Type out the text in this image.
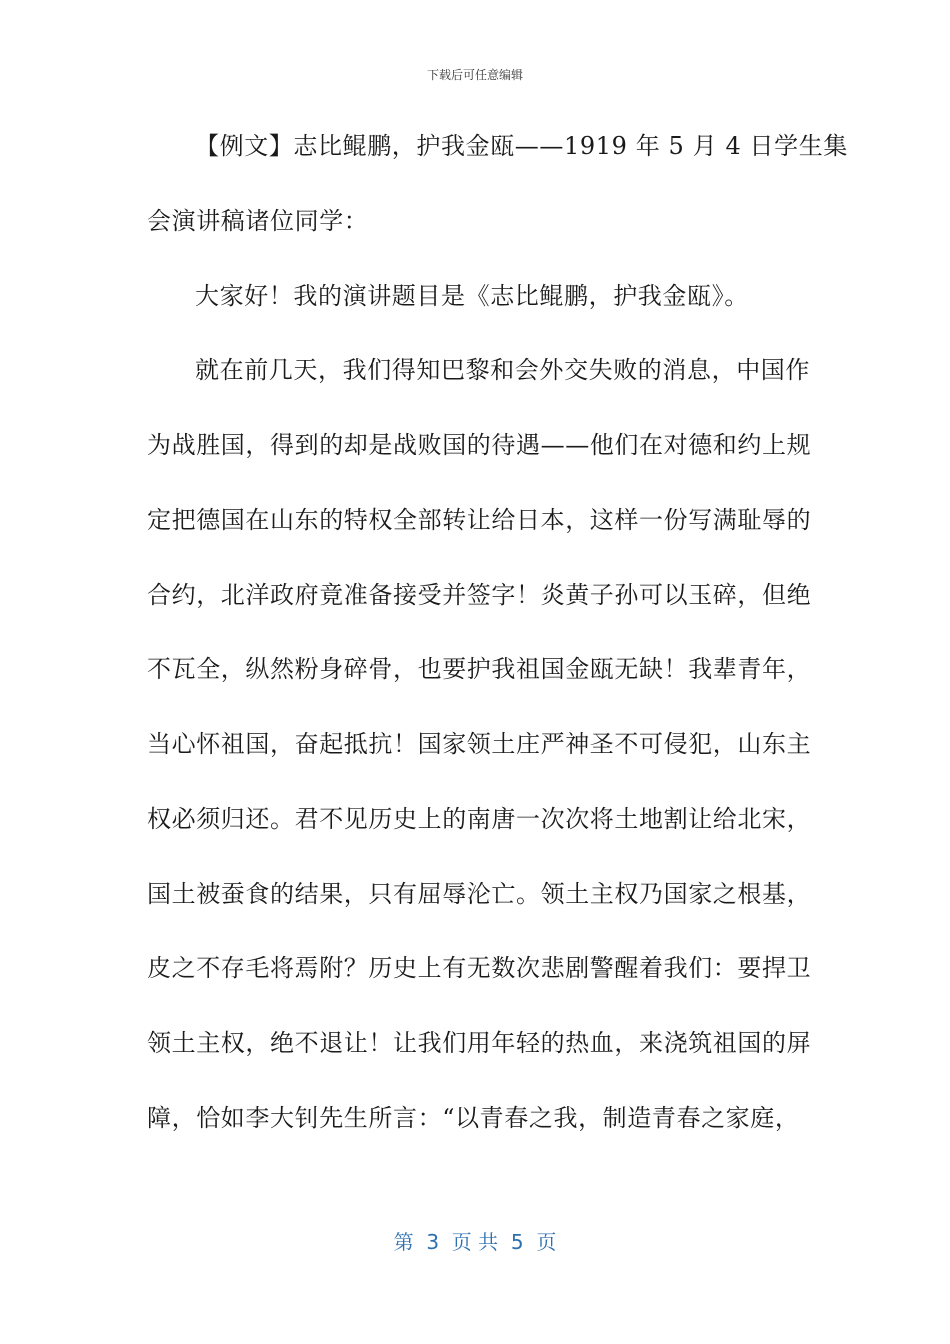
下载后可任意编辑
【例文】志比鲲鹏，护我金瓯——1919 年 5 月 4 日学生集
会演讲稿诸位同学：
大家好！我的演讲题目是《志比鲲鹏，护我金瓯》。
就在前几天，我们得知巴黎和会外交失败的消息，中国作
为战胜国，得到的却是战败国的待遇——他们在对德和约上规
定把德国在山东的特权全部转让给日本，这样一份写满耻辱的
合约，北洋政府竟准备接受并签字！炎黄子孙可以玉碎，但绝
不瓦全，纵然粉身碎骨，也要护我祖国金瓯无缺！我辈青年，
当心怀祖国，奋起抵抗！国家领土庄严神圣不可侵犯，山东主
权必须归还。君不见历史上的南唐一次次将土地割让给北宋，
国土被蚕食的结果，只有屈辱沦亡。领土主权乃国家之根基，
皮之不存毛将焉附？历史上有无数次悲剧警醒着我们：要捍卫
领土主权，绝不退让！让我们用年轻的热血，来浇筑祖国的屏
障，恰如李大钊先生所言：“以青春之我，制造青春之家庭，
第  3  页 共  5  页
